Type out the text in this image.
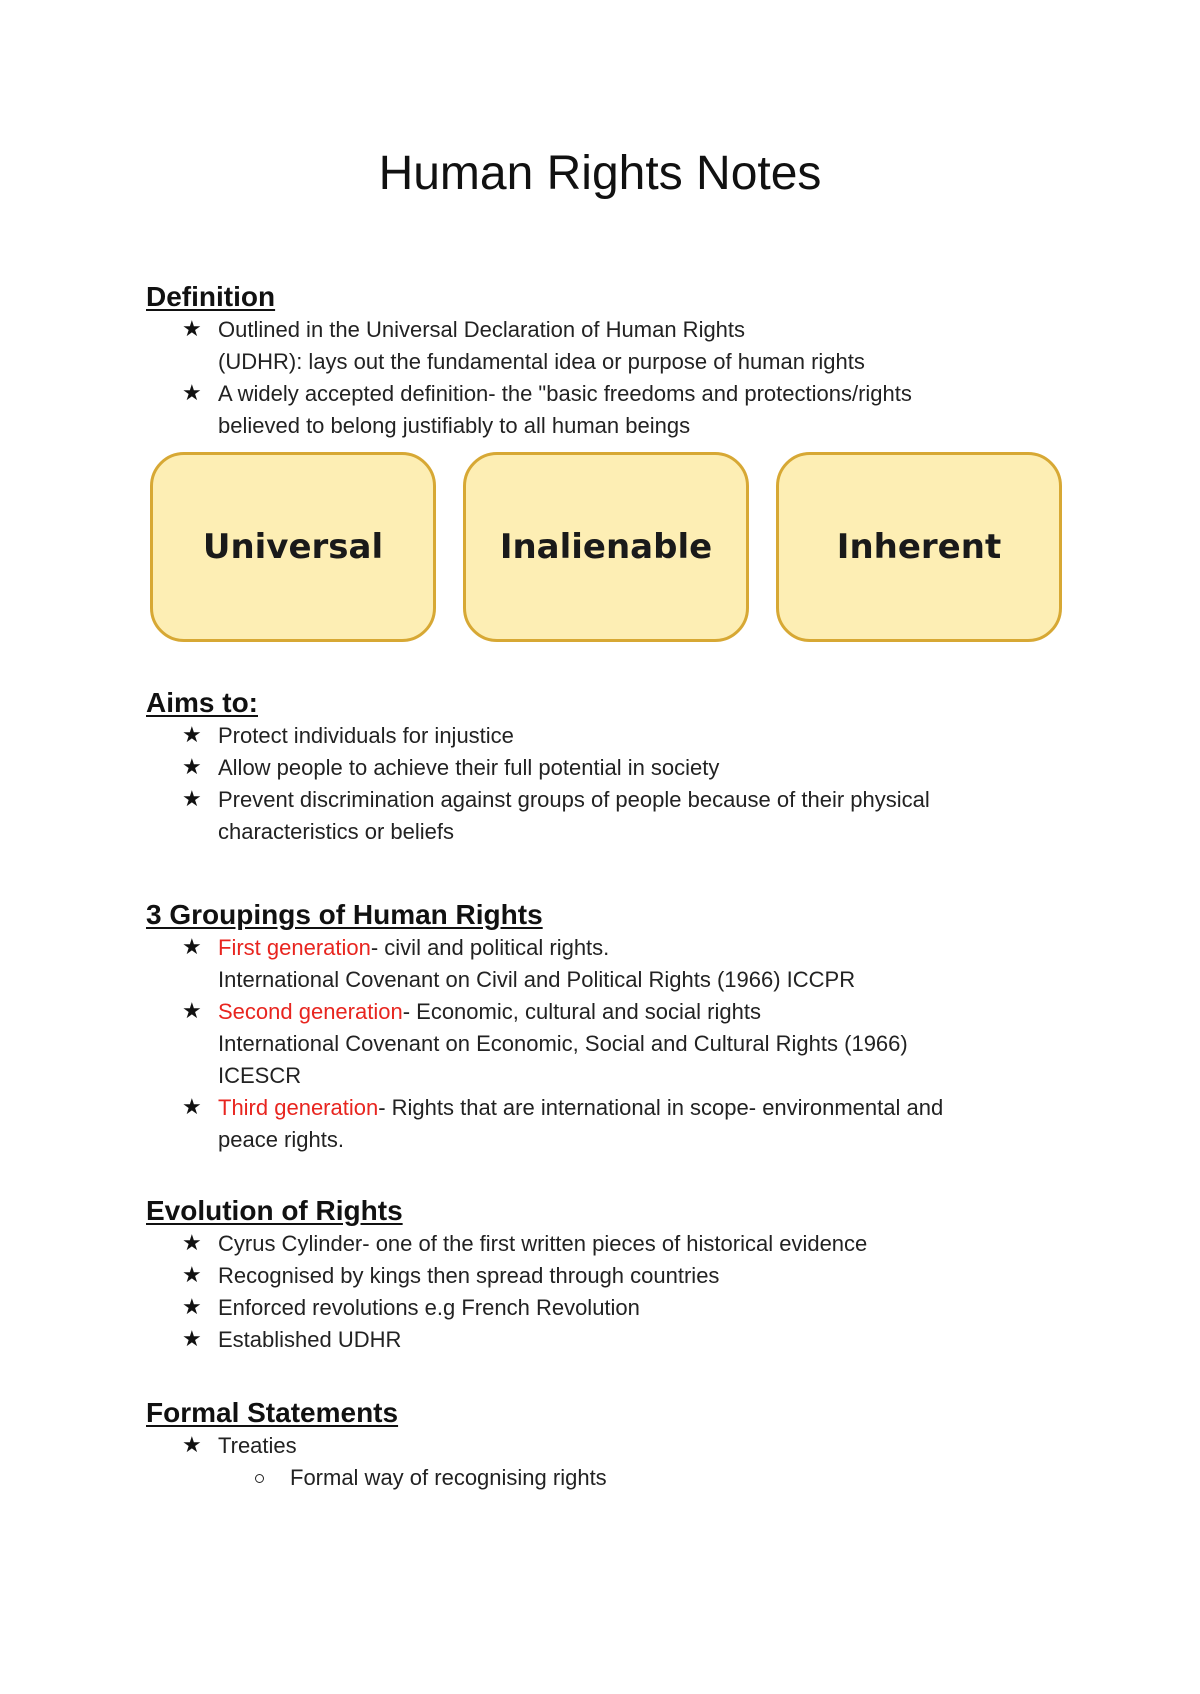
Human Rights Notes
Definition
★ Outlined in the Universal Declaration of Human Rights
(UDHR): lays out the fundamental idea or purpose of human rights
★ A widely accepted definition- the "basic freedoms and protections/rights
believed to belong justifiably to all human beings
Universal	Inalienable	Inherent
Aims to:
★ Protect individuals for injustice
★ Allow people to achieve their full potential in society
★ Prevent discrimination against groups of people because of their physical
characteristics or beliefs
3 Groupings of Human Rights
★ First generation- civil and political rights.
International Covenant on Civil and Political Rights (1966) ICCPR
★ Second generation- Economic, cultural and social rights
International Covenant on Economic, Social and Cultural Rights (1966)
ICESCR
★ Third generation- Rights that are international in scope- environmental and
peace rights.
Evolution of Rights
★ Cyrus Cylinder- one of the first written pieces of historical evidence
★ Recognised by kings then spread through countries
★ Enforced revolutions e.g French Revolution
★ Established UDHR
Formal Statements
★ Treaties
Formal way of recognising rights
